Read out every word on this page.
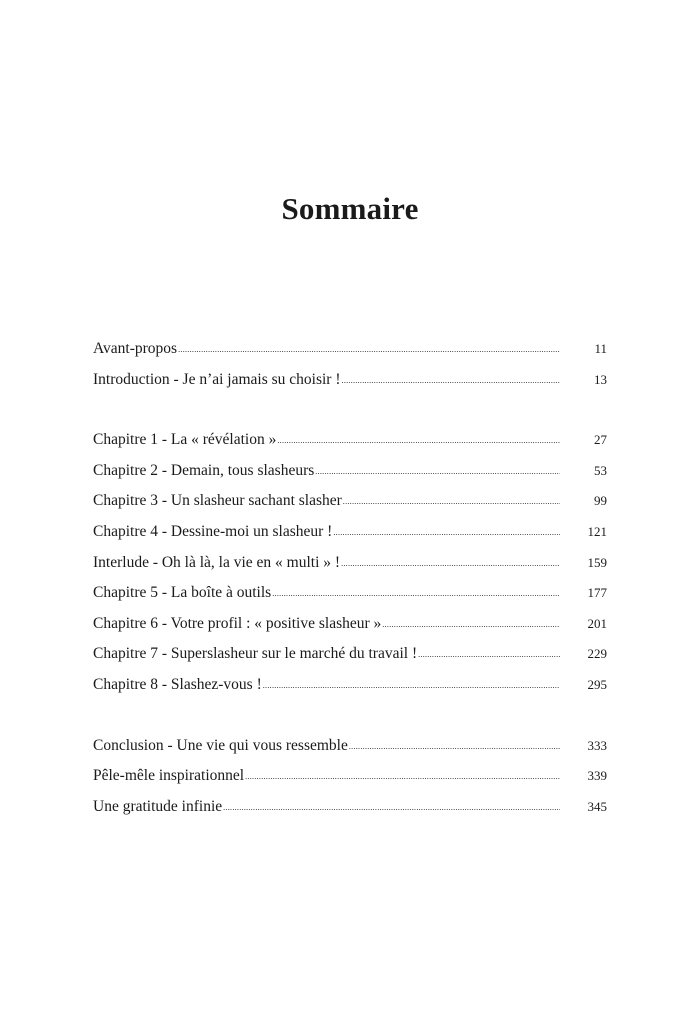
Sommaire
Avant-propos .....	11
Introduction - Je n’ai jamais su choisir ! .....	13
Chapitre 1 - La « révélation » .....	27
Chapitre 2 - Demain, tous slasheurs .....	53
Chapitre 3 - Un slasheur sachant slasher .....	99
Chapitre 4 - Dessine-moi un slasheur ! .....	121
Interlude - Oh là là, la vie en « multi » ! .....	159
Chapitre 5 - La boîte à outils .....	177
Chapitre 6 - Votre profil : « positive slasheur » .....	201
Chapitre 7 - Superslasheur sur le marché du travail ! .....	229
Chapitre 8 - Slashez-vous ! .....	295
Conclusion - Une vie qui vous ressemble .....	333
Pêle-mêle inspirationnel .....	339
Une gratitude infinie .....	345
